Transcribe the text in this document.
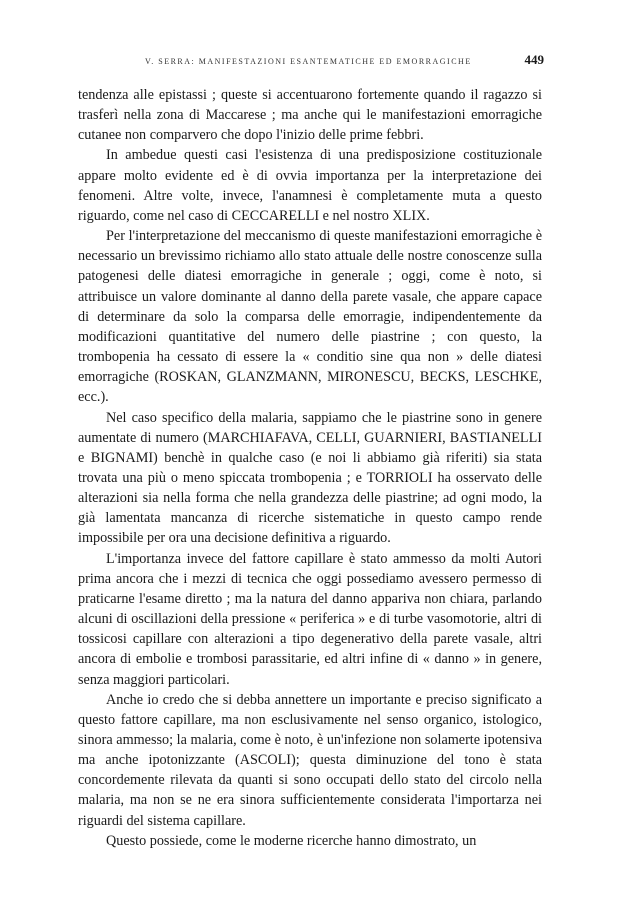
V. SERRA: MANIFESTAZIONI ESANTEMATICHE ED EMORRAGICHE	449

tendenza alle epistassi ; queste si accentuarono fortemente quando il ragazzo si trasferì nella zona di Maccarese ; ma anche qui le manifestazioni emorragiche cutanee non comparvero che dopo l'inizio delle prime febbri.

In ambedue questi casi l'esistenza di una predisposizione costituzionale appare molto evidente ed è di ovvia importanza per la interpretazione dei fenomeni. Altre volte, invece, l'anamnesi è completamente muta a questo riguardo, come nel caso di CECCARELLI e nel nostro XLIX.

Per l'interpretazione del meccanismo di queste manifestazioni emorragiche è necessario un brevissimo richiamo allo stato attuale delle nostre conoscenze sulla patogenesi delle diatesi emorragiche in generale ; oggi, come è noto, si attribuisce un valore dominante al danno della parete vasale, che appare capace di determinare da solo la comparsa delle emorragie, indipendentemente da modificazioni quantitative del numero delle piastrine ; con questo, la trombopenia ha cessato di essere la « conditio sine qua non » delle diatesi emorragiche (ROSKAN, GLANZMANN, MIRONESCU, BECKS, LESCHKE, ecc.).

Nel caso specifico della malaria, sappiamo che le piastrine sono in genere aumentate di numero (MARCHIAFAVA, CELLI, GUARNIERI, BASTIANELLI e BIGNAMI) benchè in qualche caso (e noi li abbiamo già riferiti) sia stata trovata una più o meno spiccata trombopenia ; e TORRIOLI ha osservato delle alterazioni sia nella forma che nella grandezza delle piastrine; ad ogni modo, la già lamentata mancanza di ricerche sistematiche in questo campo rende impossibile per ora una decisione definitiva a riguardo.

L'importanza invece del fattore capillare è stato ammesso da molti Autori prima ancora che i mezzi di tecnica che oggi possediamo avessero permesso di praticarne l'esame diretto ; ma la natura del danno appariva non chiara, parlando alcuni di oscillazioni della pressione « periferica » e di turbe vasomotorie, altri di tossicosi capillare con alterazioni a tipo degenerativo della parete vasale, altri ancora di embolie e trombosi parassitarie, ed altri infine di « danno » in genere, senza maggiori particolari.

Anche io credo che si debba annettere un importante e preciso significato a questo fattore capillare, ma non esclusivamente nel senso organico, istologico, sinora ammesso; la malaria, come è noto, è un'infezione non solamerte ipotensiva ma anche ipotonizzante (ASCOLI); questa diminuzione del tono è stata concordemente rilevata da quanti si sono occupati dello stato del circolo nella malaria, ma non se ne era sinora sufficientemente considerata l'importarza nei riguardi del sistema capillare.

Questo possiede, come le moderne ricerche hanno dimostrato, un
